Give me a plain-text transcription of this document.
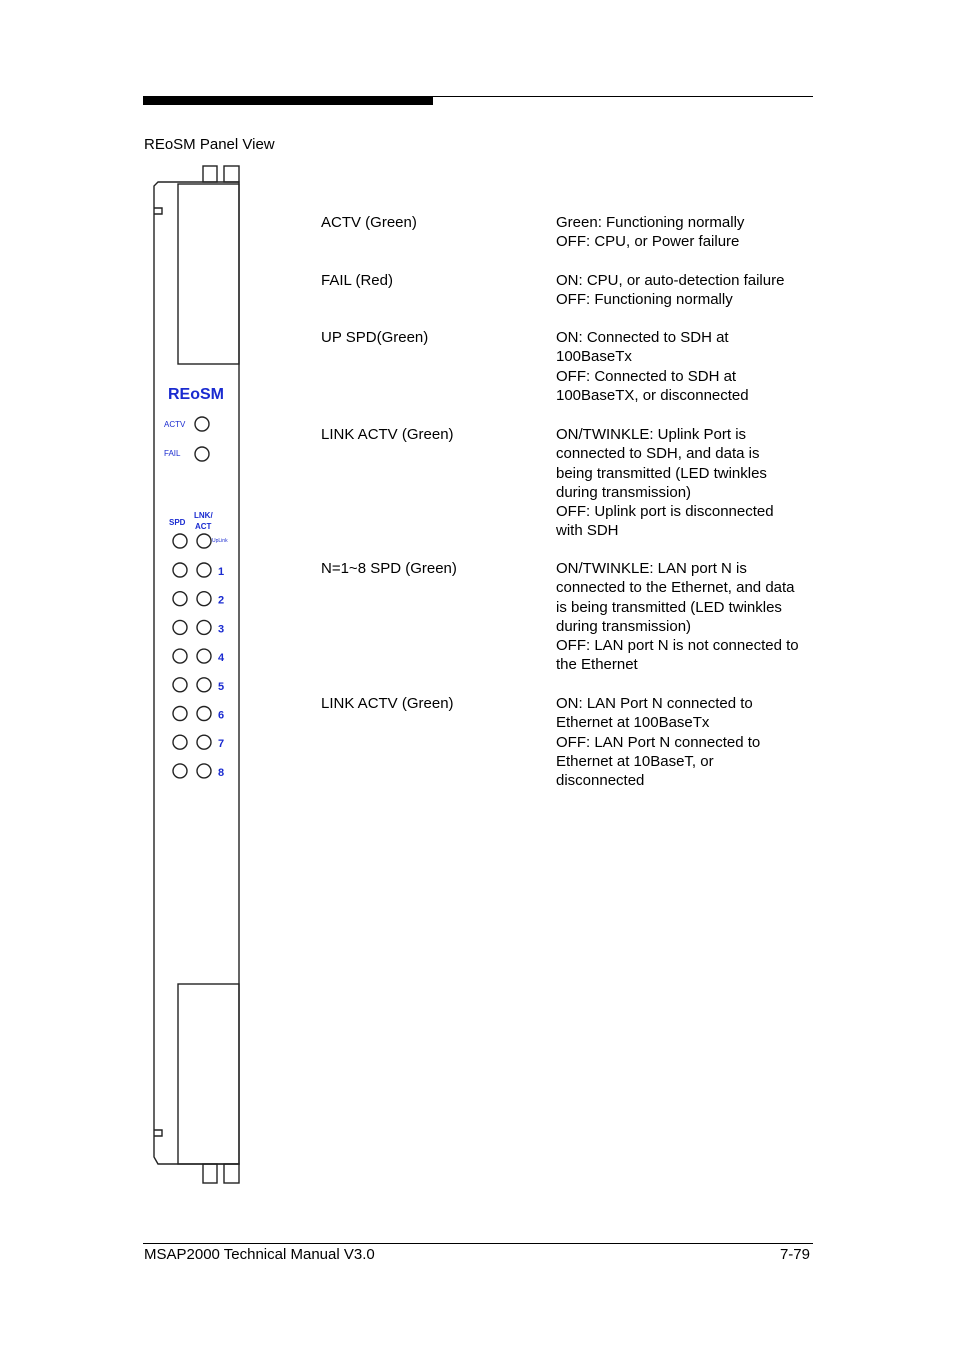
REoSM Panel View
REoSM
ACTV
FAIL
SPD
LNK/
ACT
UpLink
1
2
3
4
5
6
7
8
ACTV (Green)	Green: Functioning normally
OFF: CPU, or Power failure
FAIL (Red)	ON: CPU, or auto-detection failure
OFF: Functioning normally
UP SPD(Green)	ON: Connected to SDH at
100BaseTx
OFF: Connected to SDH at
100BaseTX, or disconnected
LINK ACTV (Green)	ON/TWINKLE: Uplink Port is
connected to SDH, and data is
being transmitted (LED twinkles
during transmission)
OFF: Uplink port is disconnected
with SDH
N=1~8 SPD (Green)	ON/TWINKLE: LAN port N is
connected to the Ethernet, and data
is being transmitted (LED twinkles
during transmission)
OFF: LAN port N is not connected to
the Ethernet
LINK ACTV (Green)	ON: LAN Port N connected to
Ethernet at 100BaseTx
OFF: LAN Port N connected to
Ethernet at 10BaseT, or
disconnected
MSAP2000 Technical Manual V3.0	7-79
